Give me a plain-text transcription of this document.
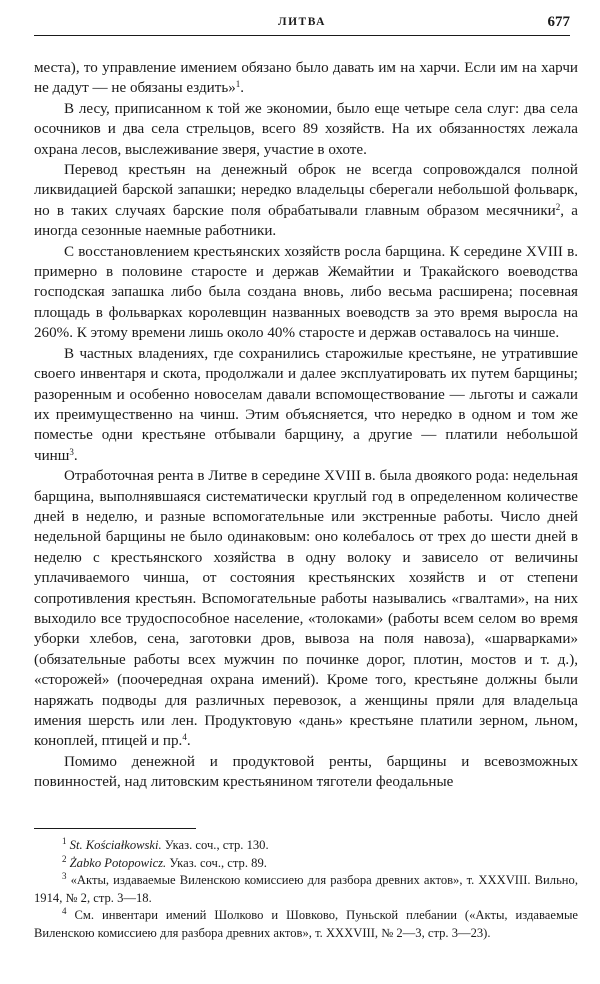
ЛИТВА	677

места), то управление имением обязано было давать им на харчи. Если им на харчи не дадут — не обязаны ездить»$^1$.

В лесу, приписанном к той же экономии, было еще четыре села слуг: два села осочников и два села стрельцов, всего 89 хозяйств. На их обязанностях лежала охрана лесов, выслеживание зверя, участие в охоте.

Перевод крестьян на денежный оброк не всегда сопровождался полной ликвидацией барской запашки; нередко владельцы сберегали небольшой фольварк, но в таких случаях барские поля обрабатывали главным образом месячники$^2$, а иногда сезонные наемные работники.

С восстановлением крестьянских хозяйств росла барщина. К середине XVIII в. примерно в половине старосте и держав Жемайтии и Тракайского воеводства господская запашка либо была создана вновь, либо весьма расширена; посевная площадь в фольварках королевщин названных воеводств за это время выросла на 260%. К этому времени лишь около 40% старосте и держав оставалось на чиншe.

В частных владениях, где сохранились старожилые крестьяне, не утратившие своего инвентаря и скота, продолжали и далее эксплуатировать их путем барщины; разоренным и особенно новоселам давали вспомоществование — льготы и сажали их преимущественно на чинш. Этим объясняется, что нередко в одном и том же поместье одни крестьяне отбывали барщину, а другие — платили небольшой чинш$^3$.

Отработочная рента в Литве в середине XVIII в. была двоякого рода: недельная барщина, выполнявшаяся систематически круглый год в определенном количестве дней в неделю, и разные вспомогательные или экстренные работы. Число дней недельной барщины не было одинаковым: оно колебалось от трех до шести дней в неделю с крестьянского хозяйства в одну волоку и зависело от величины уплачиваемого чинша, от состояния крестьянских хозяйств и от степени сопротивления крестьян. Вспомогательные работы назывались «гвалтами», на них выходило все трудоспособное население, «толоками» (работы всем селом во время уборки хлебов, сена, заготовки дров, вывоза на поля навоза), «шарварками» (обязательные работы всех мужчин по починке дорог, плотин, мостов и т. д.), «сторожей» (поочередная охрана имений). Кроме того, крестьяне должны были наряжать подводы для различных перевозок, а женщины пряли для владельца имения шерсть или лен. Продуктовую «дань» крестьяне платили зерном, льном, коноплей, птицей и пр.$^4$.

Помимо денежной и продуктовой ренты, барщины и всевозможных повинностей, над литовским крестьянином тяготели феодальные

$^1$ St. Kościałkowski. Указ. соч., стр. 130.

$^2$ Żabko Potopowicz. Указ. соч., стр. 89.

$^3$ «Акты, издаваемые Виленскою комиссиею для разбора древних актов», т. XXXVIII. Вильно, 1914, № 2, стр. 3—18.

$^4$ См. инвентари имений Шолково и Шовково, Пуньской плебании («Акты, издаваемые Виленскою комиссиею для разбора древних актов», т. XXXVIII, № 2—3, стр. 3—23).
